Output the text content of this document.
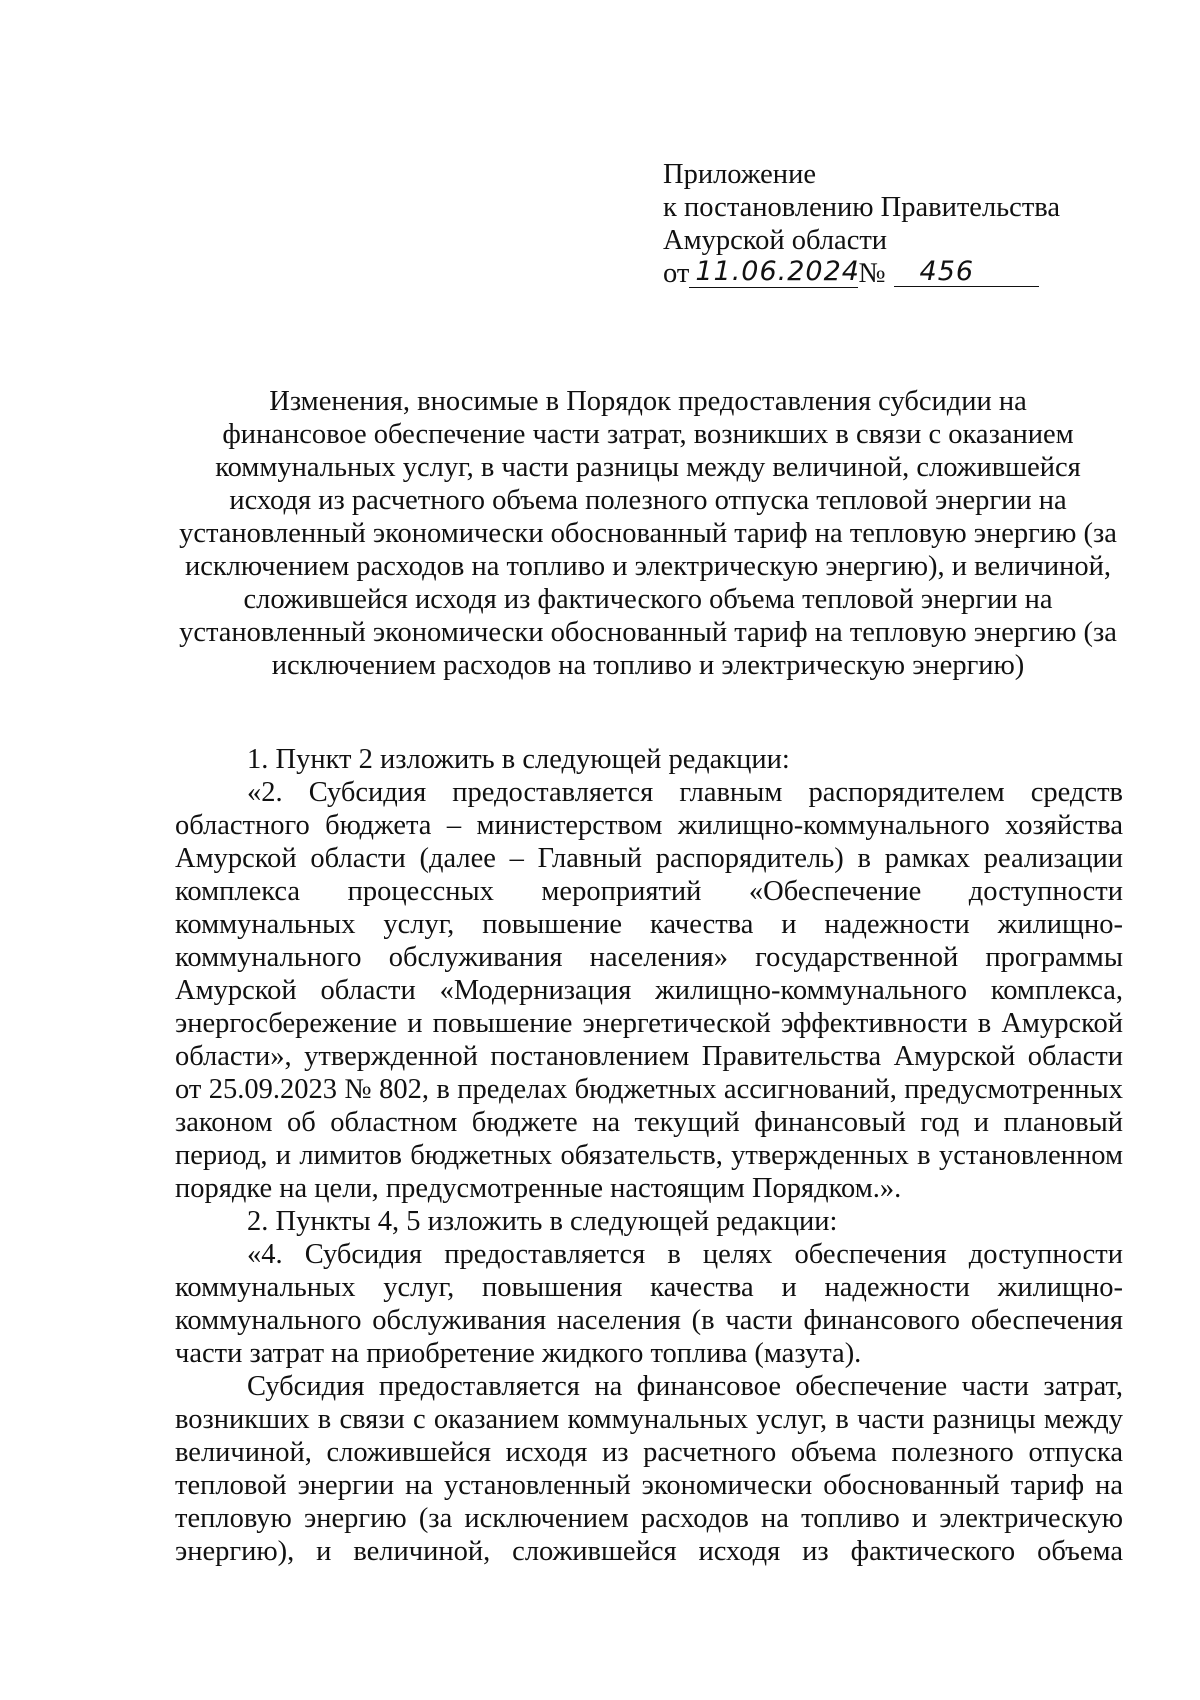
Приложение
к постановлению Правительства
Амурской области
от 11.06.2024№ 456
Изменения, вносимые в Порядок предоставления субсидии на
финансовое обеспечение части затрат, возникших в связи с оказанием
коммунальных услуг, в части разницы между величиной, сложившейся
исходя из расчетного объема полезного отпуска тепловой энергии на
установленный экономически обоснованный тариф на тепловую энергию (за
исключением расходов на топливо и электрическую энергию), и величиной,
сложившейся исходя из фактического объема тепловой энергии на
установленный экономически обоснованный тариф на тепловую энергию (за
исключением расходов на топливо и электрическую энергию)

1. Пункт 2 изложить в следующей редакции:

«2. Субсидия предоставляется главным распорядителем средств областного бюджета – министерством жилищно-коммунального хозяйства Амурской области (далее – Главный распорядитель) в рамках реализации комплекса процессных мероприятий «Обеспечение доступности коммунальных услуг, повышение качества и надежности жилищно-коммунального обслуживания населения» государственной программы Амурской области «Модернизация жилищно-коммунального комплекса, энергосбережение и повышение энергетической эффективности в Амурской области», утвержденной постановлением Правительства Амурской области от 25.09.2023 № 802, в пределах бюджетных ассигнований, предусмотренных законом об областном бюджете на текущий финансовый год и плановый период, и лимитов бюджетных обязательств, утвержденных в установленном порядке на цели, предусмотренные настоящим Порядком.».

2. Пункты 4, 5 изложить в следующей редакции:

«4. Субсидия предоставляется в целях обеспечения доступности коммунальных услуг, повышения качества и надежности жилищно-коммунального обслуживания населения (в части финансового обеспечения части затрат на приобретение жидкого топлива (мазута).

Субсидия предоставляется на финансовое обеспечение части затрат, возникших в связи с оказанием коммунальных услуг, в части разницы между величиной, сложившейся исходя из расчетного объема полезного отпуска тепловой энергии на установленный экономически обоснованный тариф на тепловую энергию (за исключением расходов на топливо и электрическую энергию), и величиной, сложившейся исходя из фактического объема
